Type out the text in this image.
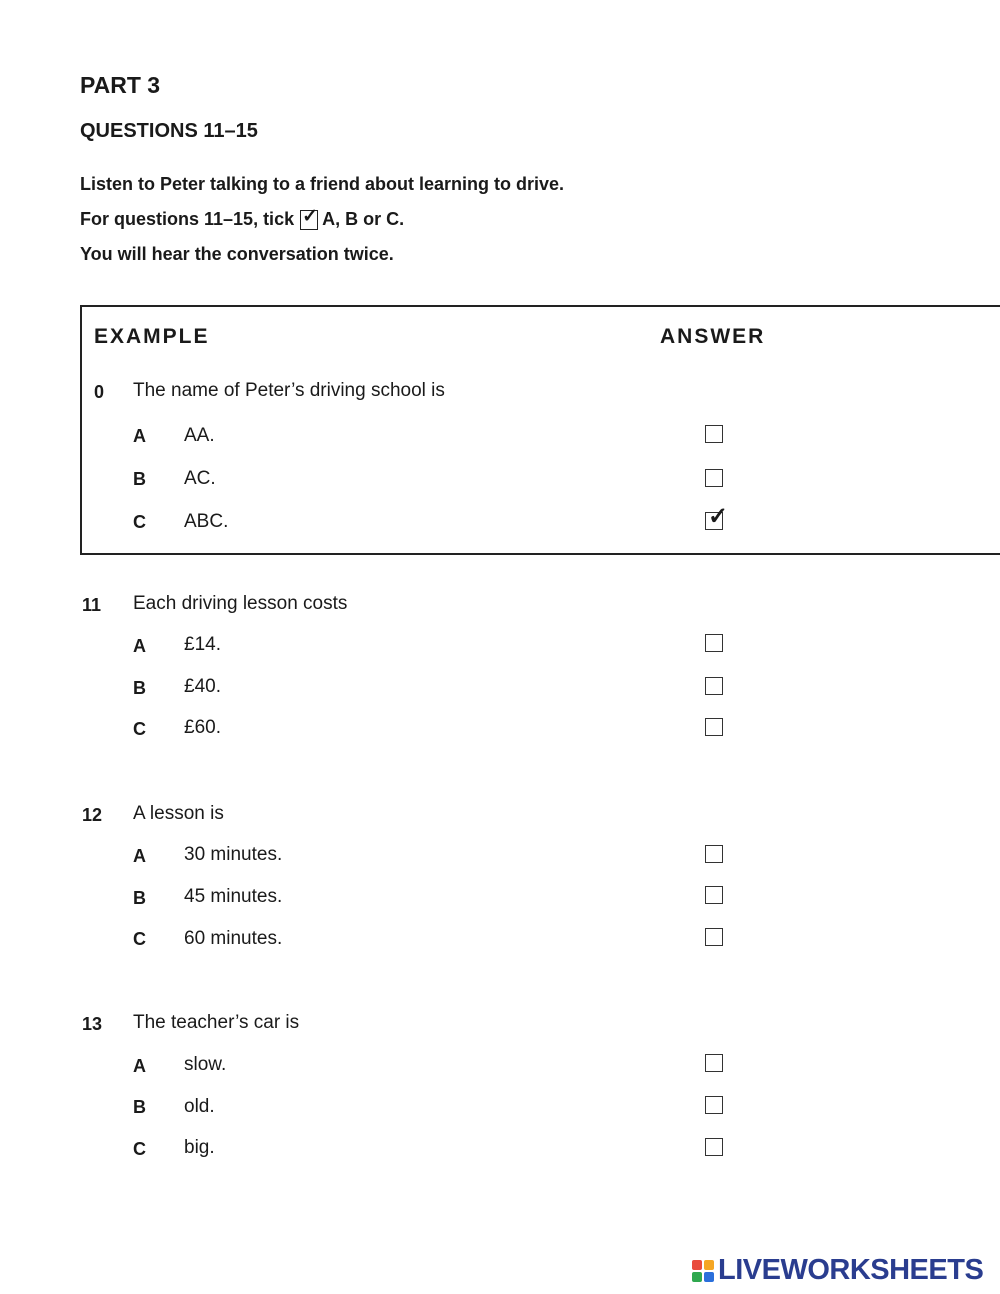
PART 3
QUESTIONS 11–15
Listen to Peter talking to a friend about learning to drive.
For questions 11–15, tick ✓ A, B or C.
You will hear the conversation twice.
EXAMPLE	ANSWER
0 The name of Peter’s driving school is
A AA.
B AC.
C ABC.	✓
11 Each driving lesson costs
A £14.
B £40.
C £60.
12 A lesson is
A 30 minutes.
B 45 minutes.
C 60 minutes.
13 The teacher’s car is
A slow.
B old.
C big.
LIVEWORKSHEETS
